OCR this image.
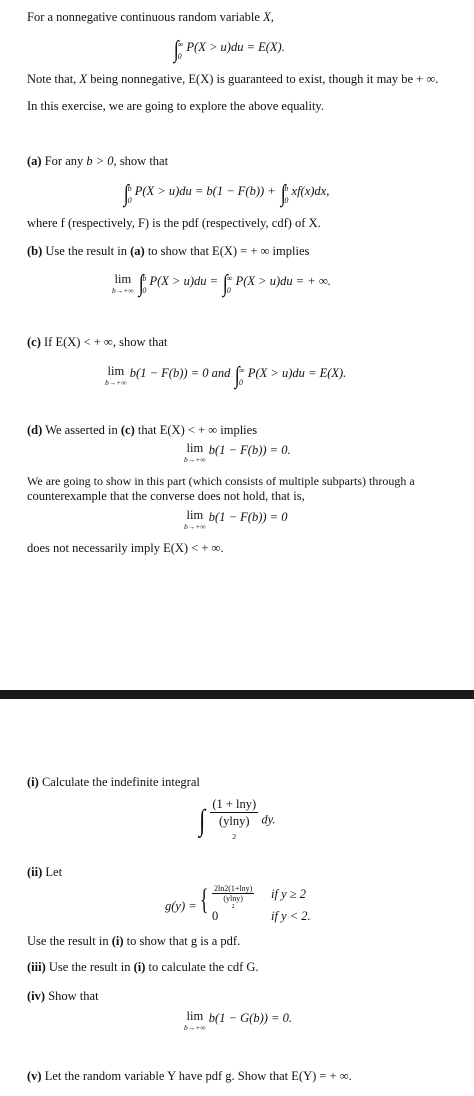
For a nonnegative continuous random variable X,
∫
∞
0
P(X > u)du = E(X).
Note that, X being nonnegative, E(X) is guaranteed to exist, though it may be + ∞.
In this exercise, we are going to explore the above equality.
(a) For any b > 0, show that
∫
b
0
P(X > u)du = b(1 − F(b)) + ∫
b
0
xf(x)dx,
where f (respectively, F) is the pdf (respectively, cdf) of X.
(b) Use the result in (a) to show that E(X) = + ∞ implies
lim
b→+∞ ∫
b
0
P(X > u)du = ∫
∞
0
P(X > u)du = + ∞.
(c) If E(X) < + ∞, show that
lim
b→+∞
b(1 − F(b)) = 0 and ∫
∞
0
P(X > u)du = E(X).
(d) We asserted in (c) that E(X) < + ∞ implies
lim
b→+∞
b(1 − F(b)) = 0.
We are going to show in this part (which consists of multiple subparts) through a
counterexample that the converse does not hold, that is,
lim
b→+∞
b(1 − F(b)) = 0
does not necessarily imply E(X) < + ∞.
(i) Calculate the indefinite integral
∫ (1 + lny)
(ylny)
2 dy.
(ii) Let
g(y) = { 2ln2(1+lny)
(ylny)
2 if y ≥ 2
0	if y < 2.
Use the result in (i) to show that g is a pdf.
(iii) Use the result in (i) to calculate the cdf G.
(iv) Show that
lim
b→+∞
b(1 − G(b)) = 0.
(v) Let the random variable Y have pdf g. Show that E(Y) = + ∞.
